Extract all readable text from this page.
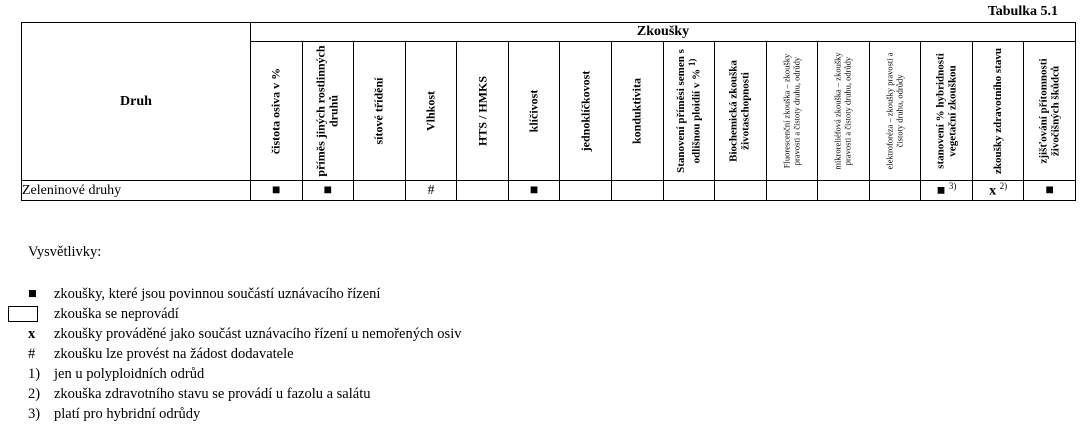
Tabulka 5.1
Druh	Zkoušky															

	čistota osiva v %	příměs jiných rostlinných druhů	sítové třídění	Vlhkost	HTS / HMKS	klíčivost	jednoklíčkovost	konduktivita	Stanovení příměsi semen s odlišnou ploidií v % $^{1)}$	Biochemická zkouška životaschopnosti	Fluorescenční zkouška – zkoušky pravosti a čistoty druhu, odrůdy	mikroreliéfová zkouška – zkoušky pravosti a čistoty druhu, odrůdy	elektroforéza – zkoušky pravosti a čistoty druhu, odrůdy	stanovení % hybridnosti vegetační zkouškou	zkoušky zdravotního stavu	zjišťování přítomnosti živočišných škůdců

Zeleninové druhy	■	■		#		■								■ $^{3)}$	x $^{2)}$	■
Vysvětlivky:
■	zkoušky, které jsou povinnou součástí uznávacího řízení
zkouška se neprovádí
x	zkoušky prováděné jako součást uznávacího řízení u nemořených osiv
#	zkoušku lze provést na žádost dodavatele
1) jen u polyploidních odrůd
2) zkouška zdravotního stavu se provádí u fazolu a salátu
3) platí pro hybridní odrůdy
